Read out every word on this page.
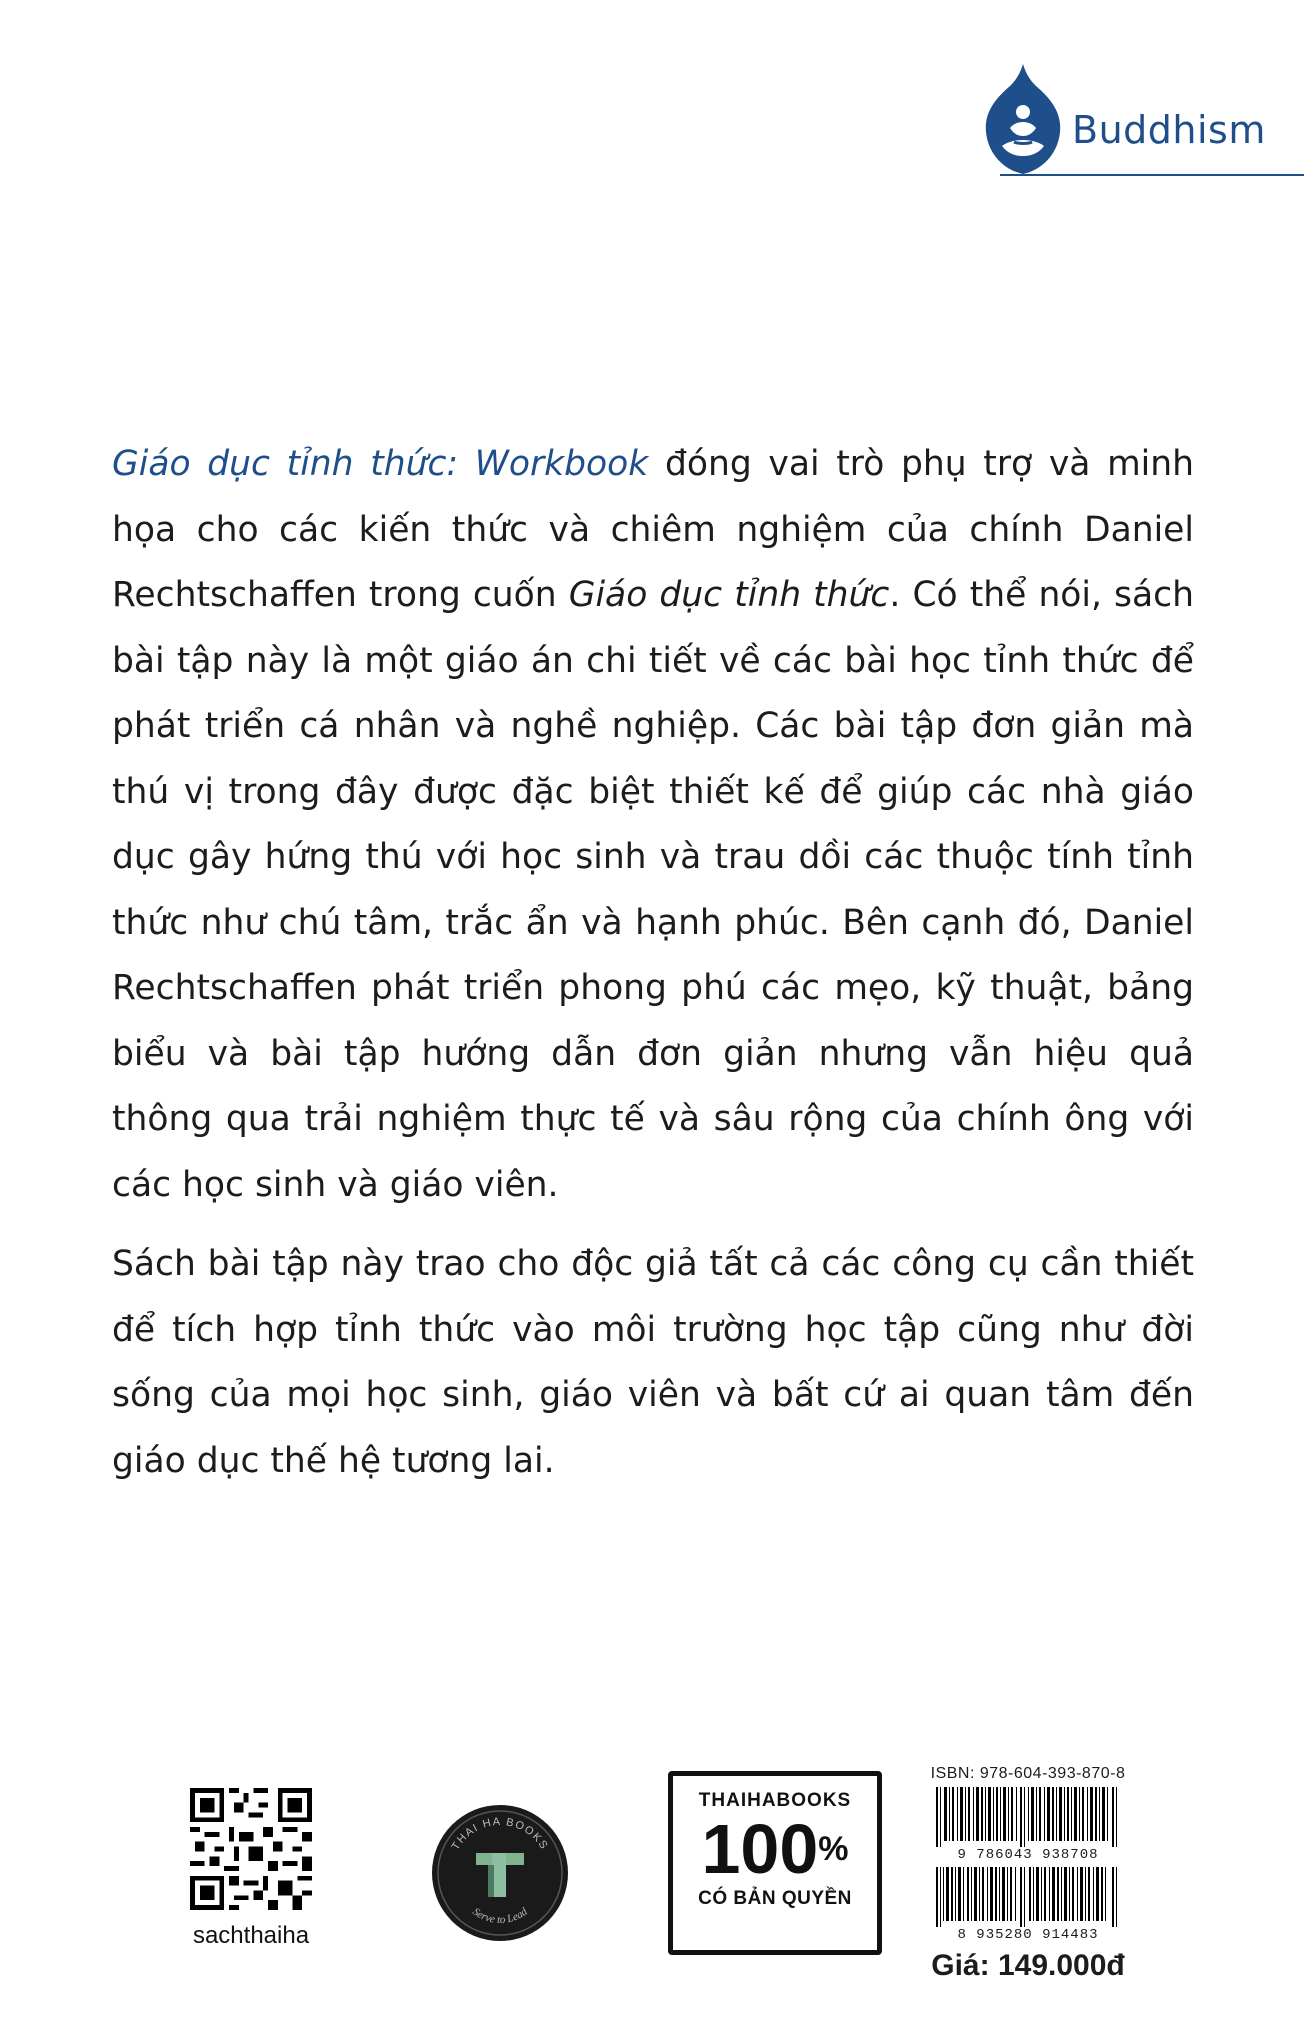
Buddhism

Giáo dục tỉnh thức: Workbook đóng vai trò phụ trợ và minh họa cho các kiến thức và chiêm nghiệm của chính Daniel Rechtschaffen trong cuốn Giáo dục tỉnh thức. Có thể nói, sách bài tập này là một giáo án chi tiết về các bài học tỉnh thức để phát triển cá nhân và nghề nghiệp. Các bài tập đơn giản mà thú vị trong đây được đặc biệt thiết kế để giúp các nhà giáo dục gây hứng thú với học sinh và trau dồi các thuộc tính tỉnh thức như chú tâm, trắc ẩn và hạnh phúc. Bên cạnh đó, Daniel Rechtschaffen phát triển phong phú các mẹo, kỹ thuật, bảng biểu và bài tập hướng dẫn đơn giản nhưng vẫn hiệu quả thông qua trải nghiệm thực tế và sâu rộng của chính ông với các học sinh và giáo viên.

Sách bài tập này trao cho độc giả tất cả các công cụ cần thiết để tích hợp tỉnh thức vào môi trường học tập cũng như đời sống của mọi học sinh, giáo viên và bất cứ ai quan tâm đến giáo dục thế hệ tương lai.

sachthaiha
THAI HA BOOKS
Serve to Lead
THAIHABOOKS
100%
CÓ BẢN QUYỀN
ISBN: 978-604-393-870-8
9 786043 938708
8 935280 914483
Giá: 149.000đ
